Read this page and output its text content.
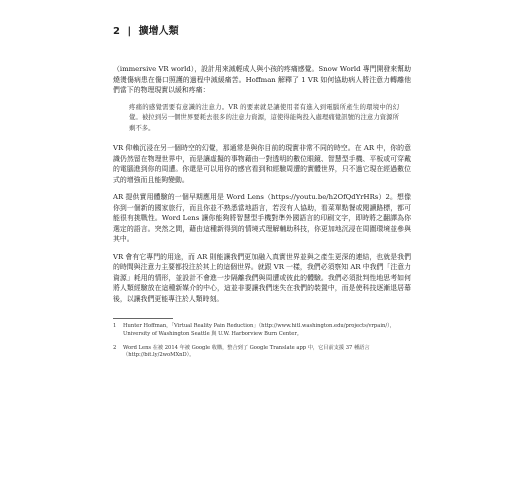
2 | 擴增人類

（immersive VR world），設計用來減輕成人與小孩的疼痛感覺。Snow World 專門開發來幫助燒燙傷病患在傷口照護的過程中減緩痛苦。Hoffman 解釋了 1 VR 如何協助病人將注意力轉離他們當下的物理現實以緩和疼痛：

疼痛的感覺需要有意識的注意力。VR 的要素就是讓使用者有進入到電腦所產生的環境中的幻覺。被拉到另一個世界要耗去很多的注意力資源，這使得能夠投入處理痛覺訊號的注意力資源所剩不多。

VR 仰賴沉浸在另一個時空的幻覺，那通常是與你目前的現實非常不同的時空。在 AR 中，你的意識仍然留在物理世界中，而是讓虛擬的事物藉由一對透明的數位眼鏡、智慧型手機、平板或可穿戴的電腦進到你的周遭。你還是可以用你的感官看到和經驗周遭的實體世界，只不過它現在經過數位式的增強而且能夠變動。

AR 提供實用體驗的一個早期應用是 Word Lens（https://youtu.be/h2OfQdYrHRs）2。想像你到一個新的國家旅行，而且你並不熟悉當地語言，若沒有人協助，看菜單點餐或閱讀路標，都可能很有挑戰性。Word Lens 讓你能夠將智慧型手機對準外國語言的印刷文字，即時將之翻譯為你選定的語言。突然之間，藉由這種新得到的情境式理解輔助科技，你更加地沉浸在周圍環境並參與其中。

VR 會有它專門的用途，而 AR 則能讓我們更加融入真實世界並與之產生更深的連結，也就是我們的時間與注意力主要都投注於其上的這個世界。就跟 VR 一樣，我們必須察知 AR 中我們「注意力資源」耗用的情形，並設計不會進一步隔離我們與周遭或彼此的體驗。我們必須批判性地思考如何將人類經驗放在這種新媒介的中心，這並非要讓我們迷失在我們的裝置中，而是使科技逐漸退居幕後，以讓我們更能專注於人類時刻。

1	Hunter Hoffman，「Virtual Reality Pain Reduction」（http://www.hitl.washington.edu/projects/vrpain/），University of Washington Seattle 與 U.W. Harborview Burn Center。
2	Word Lens 在被 2014 年被 Google 收購，整合到了 Google Translate app 中，它目前支援 37 種語言（http://bit.ly/2woMXnD）。
